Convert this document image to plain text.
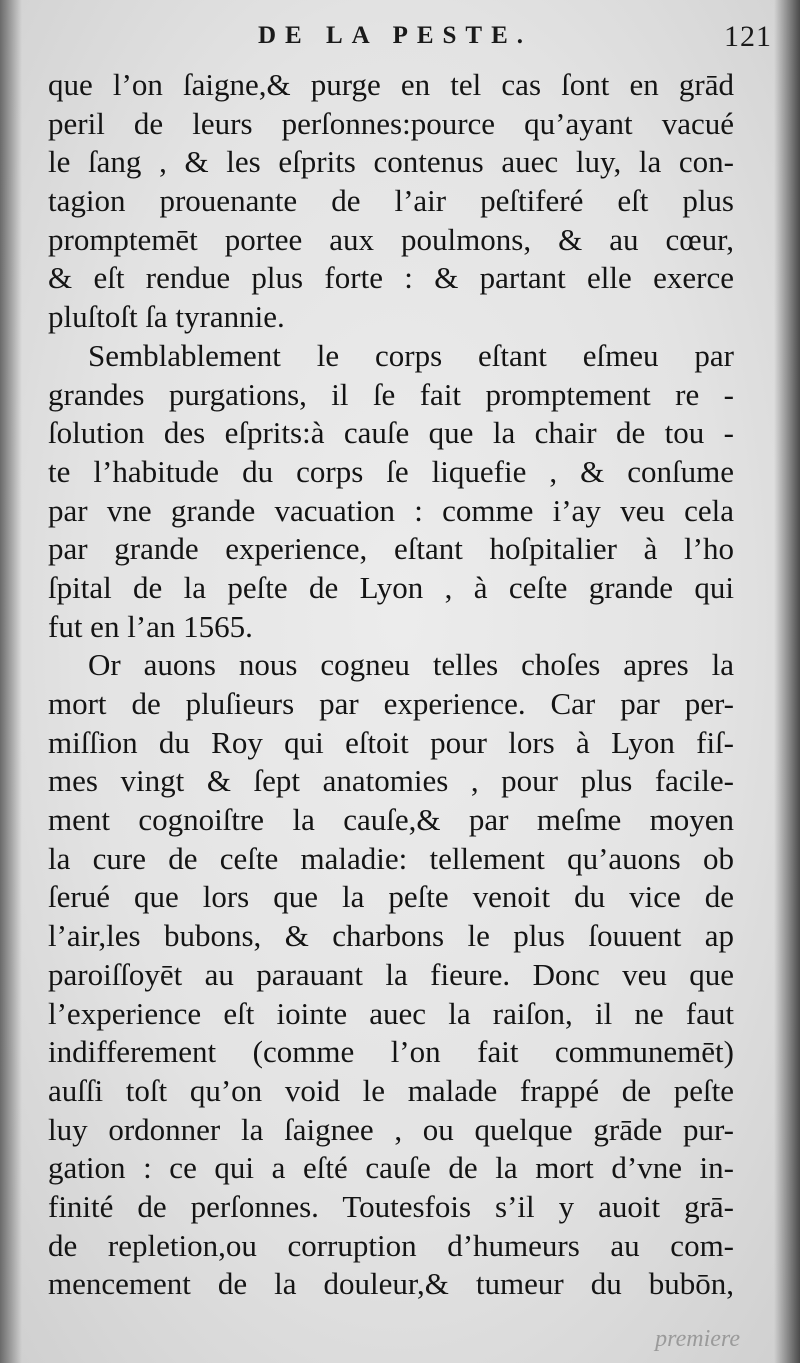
DE LA PESTE.	121
que l’on ſaigne,& purge en tel cas ſont en grād
peril de leurs perſonnes:pource qu’ayant vacué
le ſang , & les eſprits contenus auec luy, la con-
tagion prouenante de l’air peſtiferé eſt plus
promptemēt portee aux poulmons, & au cœur,
& eſt rendue plus forte : & partant elle exerce
pluſtoſt ſa tyrannie.
Semblablement le corps eſtant eſmeu par
grandes purgations, il ſe fait promptement re -
ſolution des eſprits:à cauſe que la chair de tou -
te l’habitude du corps ſe liquefie , & conſume
par vne grande vacuation : comme i’ay veu cela
par grande experience, eſtant hoſpitalier à l’ho
ſpital de la peſte de Lyon , à ceſte grande qui
fut en l’an 1565.
Or auons nous cogneu telles choſes apres la
mort de pluſieurs par experience. Car par per-
miſſion du Roy qui eſtoit pour lors à Lyon fiſ-
mes vingt & ſept anatomies , pour plus facile-
ment cognoiſtre la cauſe,& par meſme moyen
la cure de ceſte maladie: tellement qu’auons ob
ſerué que lors que la peſte venoit du vice de
l’air,les bubons, & charbons le plus ſouuent ap
paroiſſoyēt au parauant la fieure. Donc veu que
l’experience eſt iointe auec la raiſon, il ne faut
indifferement (comme l’on fait communemēt)
auſſi toſt qu’on void le malade frappé de peſte
luy ordonner la ſaignee , ou quelque grāde pur-
gation : ce qui a eſté cauſe de la mort d’vne in-
finité de perſonnes. Toutesfois s’il y auoit grā-
de repletion,ou corruption d’humeurs au com-
mencement de la douleur,& tumeur du bubōn,
premiere
